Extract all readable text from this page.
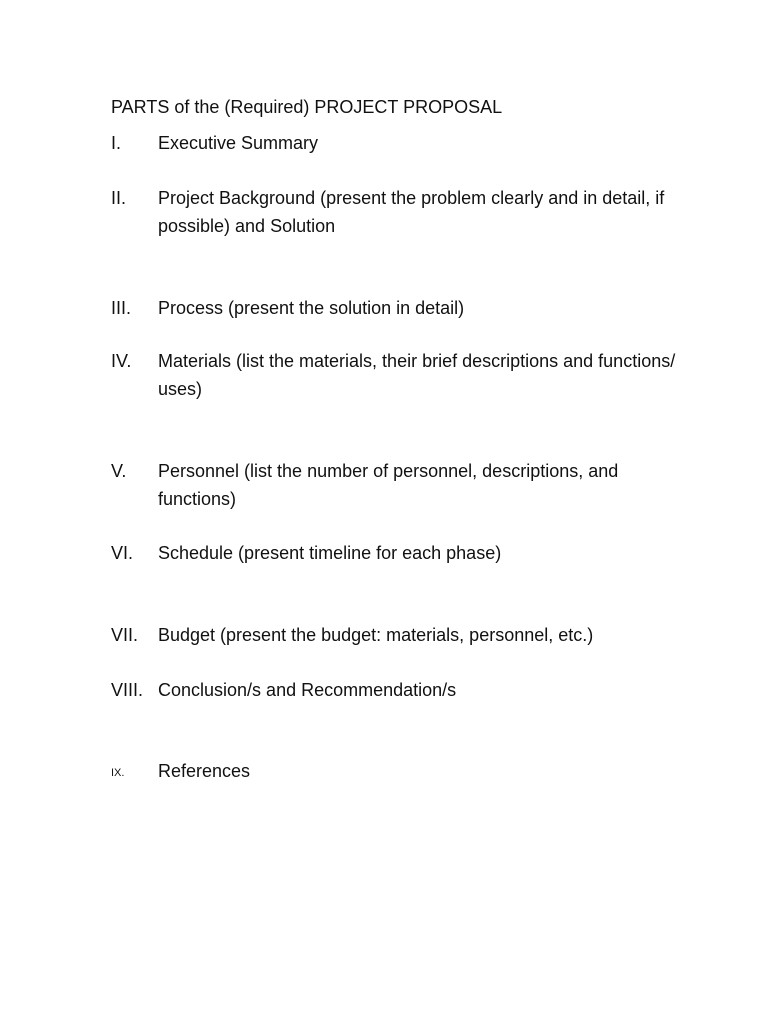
PARTS of the (Required) PROJECT PROPOSAL
I. Executive Summary
II. Project Background (present the problem clearly and in detail, if possible) and Solution
III. Process (present the solution in detail)
IV. Materials (list the materials, their brief descriptions and functions/ uses)
V. Personnel (list the number of personnel, descriptions, and functions)
VI. Schedule (present timeline for each phase)
VII. Budget (present the budget: materials, personnel, etc.)
VIII. Conclusion/s and Recommendation/s
IX. References
